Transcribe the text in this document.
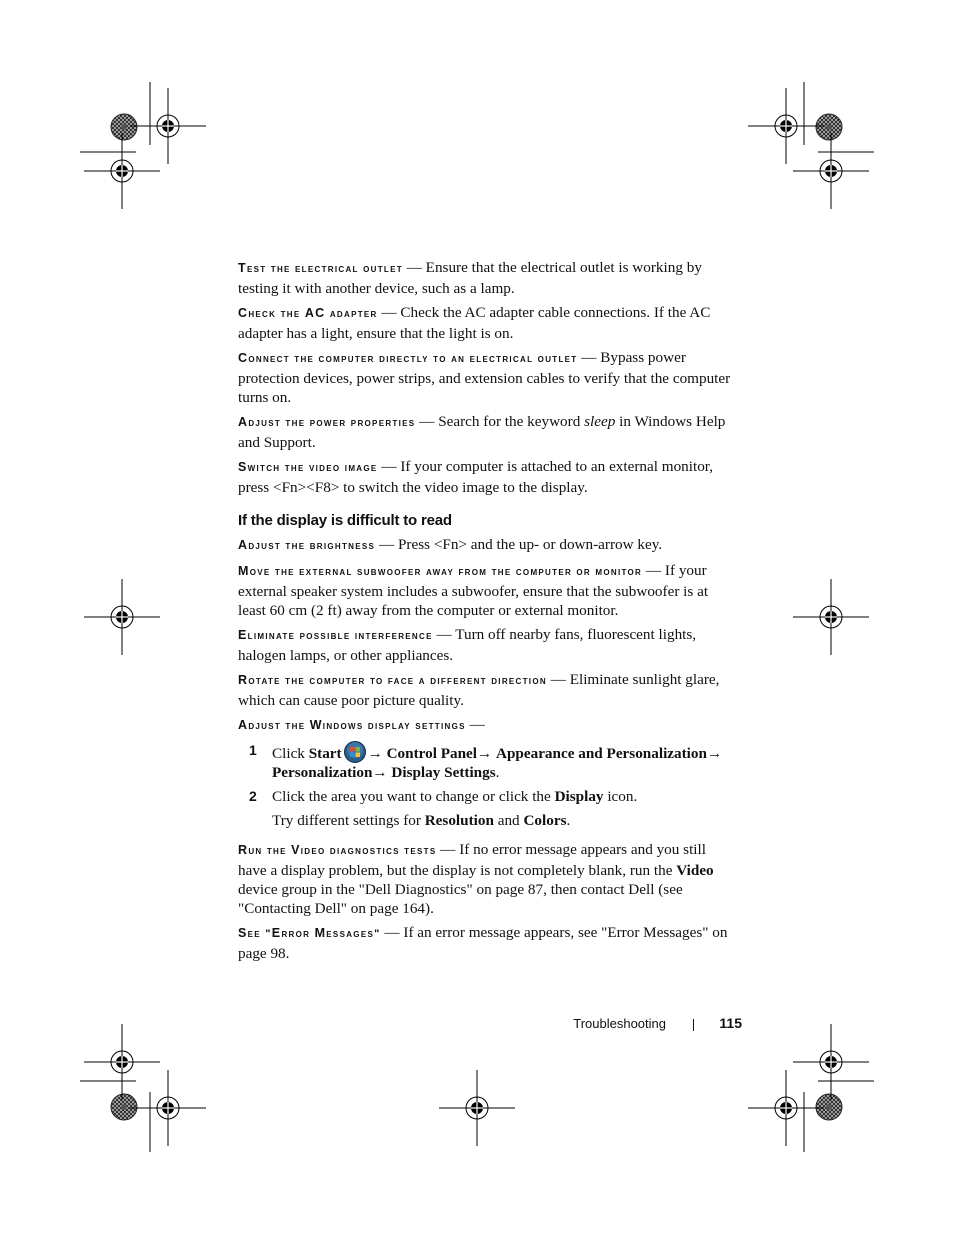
Test the electrical outlet — Ensure that the electrical outlet is working by testing it with another device, such as a lamp.

Check the AC adapter — Check the AC adapter cable connections. If the AC adapter has a light, ensure that the light is on.

Connect the computer directly to an electrical outlet — Bypass power protection devices, power strips, and extension cables to verify that the computer turns on.

Adjust the power properties — Search for the keyword sleep in Windows Help and Support.

Switch the video image — If your computer is attached to an external monitor, press <Fn><F8> to switch the video image to the display.

If the display is difficult to read

Adjust the brightness — Press <Fn> and the up- or down-arrow key.

Move the external subwoofer away from the computer or monitor — If your external speaker system includes a subwoofer, ensure that the subwoofer is at least 60 cm (2 ft) away from the computer or external monitor.

Eliminate possible interference — Turn off nearby fans, fluorescent lights, halogen lamps, or other appliances.

Rotate the computer to face a different direction — Eliminate sunlight glare, which can cause poor picture quality.

Adjust the Windows display settings —

1	Click Start → Control Panel→ Appearance and Personalization→ Personalization→ Display Settings.
2	Click the area you want to change or click the Display icon.
Try different settings for Resolution and Colors.

Run the Video diagnostics tests — If no error message appears and you still have a display problem, but the display is not completely blank, run the Video device group in the "Dell Diagnostics" on page 87, then contact Dell (see "Contacting Dell" on page 164).

See "Error Messages" — If an error message appears, see "Error Messages" on page 98.

Troubleshooting	115
